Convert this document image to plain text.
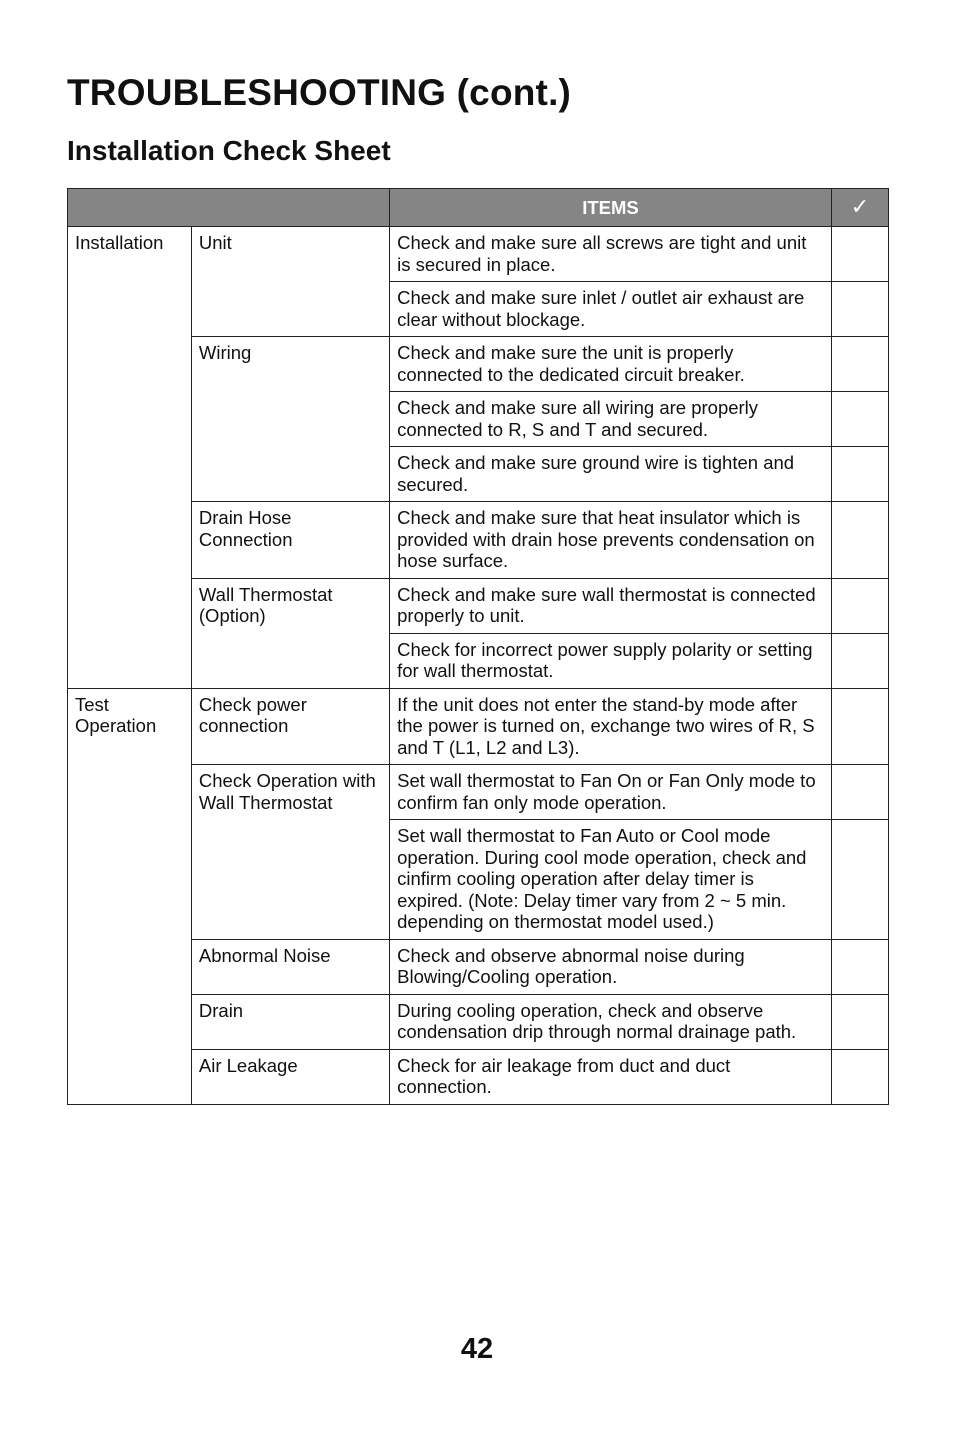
TROUBLESHOOTING (cont.)
Installation Check Sheet
		ITEMS	✓
Installation	Unit	Check and make sure all screws are tight and unit is secured in place.	
		Check and make sure inlet / outlet air exhaust are clear without blockage.	
	Wiring	Check and make sure the unit is properly connected to the dedicated circuit breaker.	
		Check and make sure all wiring are properly connected to R, S and T and secured.	
		Check and make sure ground wire is tighten and secured.	
	Drain Hose Connection	Check and make sure that heat insulator which is provided with drain hose prevents condensation on hose surface.	
	Wall Thermostat (Option)	Check and make sure wall thermostat is connected properly to unit.	
		Check for incorrect power supply polarity or setting for wall thermostat.	
Test Operation	Check power connection	If the unit does not enter the stand-by mode after the power is turned on, exchange two wires of R, S and T (L1, L2 and L3).	
	Check Operation with Wall Thermostat	Set wall thermostat to Fan On or Fan Only mode to confirm fan only mode operation.	
		Set wall thermostat to Fan Auto or Cool mode operation. During cool mode operation, check and cinfirm cooling operation after delay timer is expired. (Note: Delay timer vary from 2 ~ 5 min. depending on thermostat model used.)	
	Abnormal Noise	Check and observe abnormal noise during Blowing/Cooling operation.	
	Drain	During cooling operation, check and observe condensation drip through normal drainage path.	
	Air Leakage	Check for air leakage from duct and duct connection.	
42
